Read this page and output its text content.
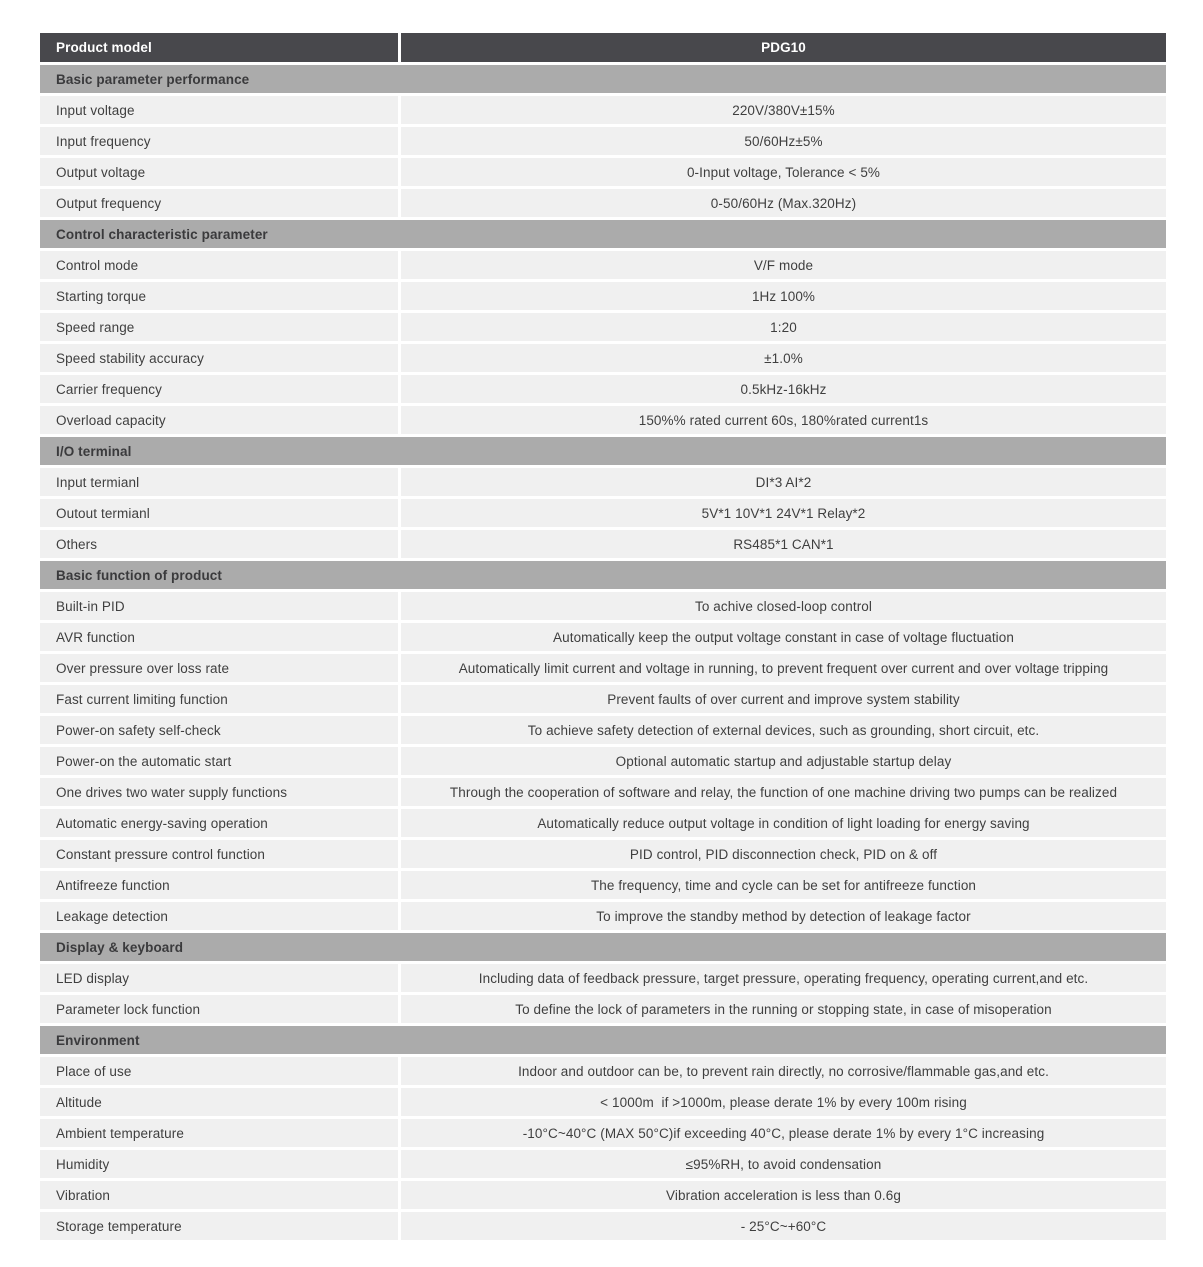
Product model	PDG10
Basic parameter performance
Input voltage	220V/380V±15%
Input frequency	50/60Hz±5%
Output voltage	0-Input voltage, Tolerance < 5%
Output frequency	0-50/60Hz (Max.320Hz)
Control characteristic parameter
Control mode	V/F mode
Starting torque	1Hz 100%
Speed range	1:20
Speed stability accuracy	±1.0%
Carrier frequency	0.5kHz-16kHz
Overload capacity	150%% rated current 60s, 180%rated current1s
I/O terminal
Input termianl	DI*3 AI*2
Outout termianl	5V*1 10V*1 24V*1 Relay*2
Others	RS485*1 CAN*1
Basic function of product
Built-in PID	To achive closed-loop control
AVR function	Automatically keep the output voltage constant in case of voltage fluctuation
Over pressure over loss rate	Automatically limit current and voltage in running, to prevent frequent over current and over voltage tripping
Fast current limiting function	Prevent faults of over current and improve system stability
Power-on safety self-check	To achieve safety detection of external devices, such as grounding, short circuit, etc.
Power-on the automatic start	Optional automatic startup and adjustable startup delay
One drives two water supply functions	Through the cooperation of software and relay, the function of one machine driving two pumps can be realized
Automatic energy-saving operation	Automatically reduce output voltage in condition of light loading for energy saving
Constant pressure control function	PID control, PID disconnection check, PID on & off
Antifreeze function	The frequency, time and cycle can be set for antifreeze function
Leakage detection	To improve the standby method by detection of leakage factor
Display & keyboard
LED display	Including data of feedback pressure, target pressure, operating frequency, operating current,and etc.
Parameter lock function	To define the lock of parameters in the running or stopping state, in case of misoperation
Environment
Place of use	Indoor and outdoor can be, to prevent rain directly, no corrosive/flammable gas,and etc.
Altitude	< 1000m  if >1000m, please derate 1% by every 100m rising
Ambient temperature	-10°C~40°C (MAX 50°C)if exceeding 40°C, please derate 1% by every 1°C increasing
Humidity	≤95%RH, to avoid condensation
Vibration	Vibration acceleration is less than 0.6g
Storage temperature	- 25°C~+60°C
